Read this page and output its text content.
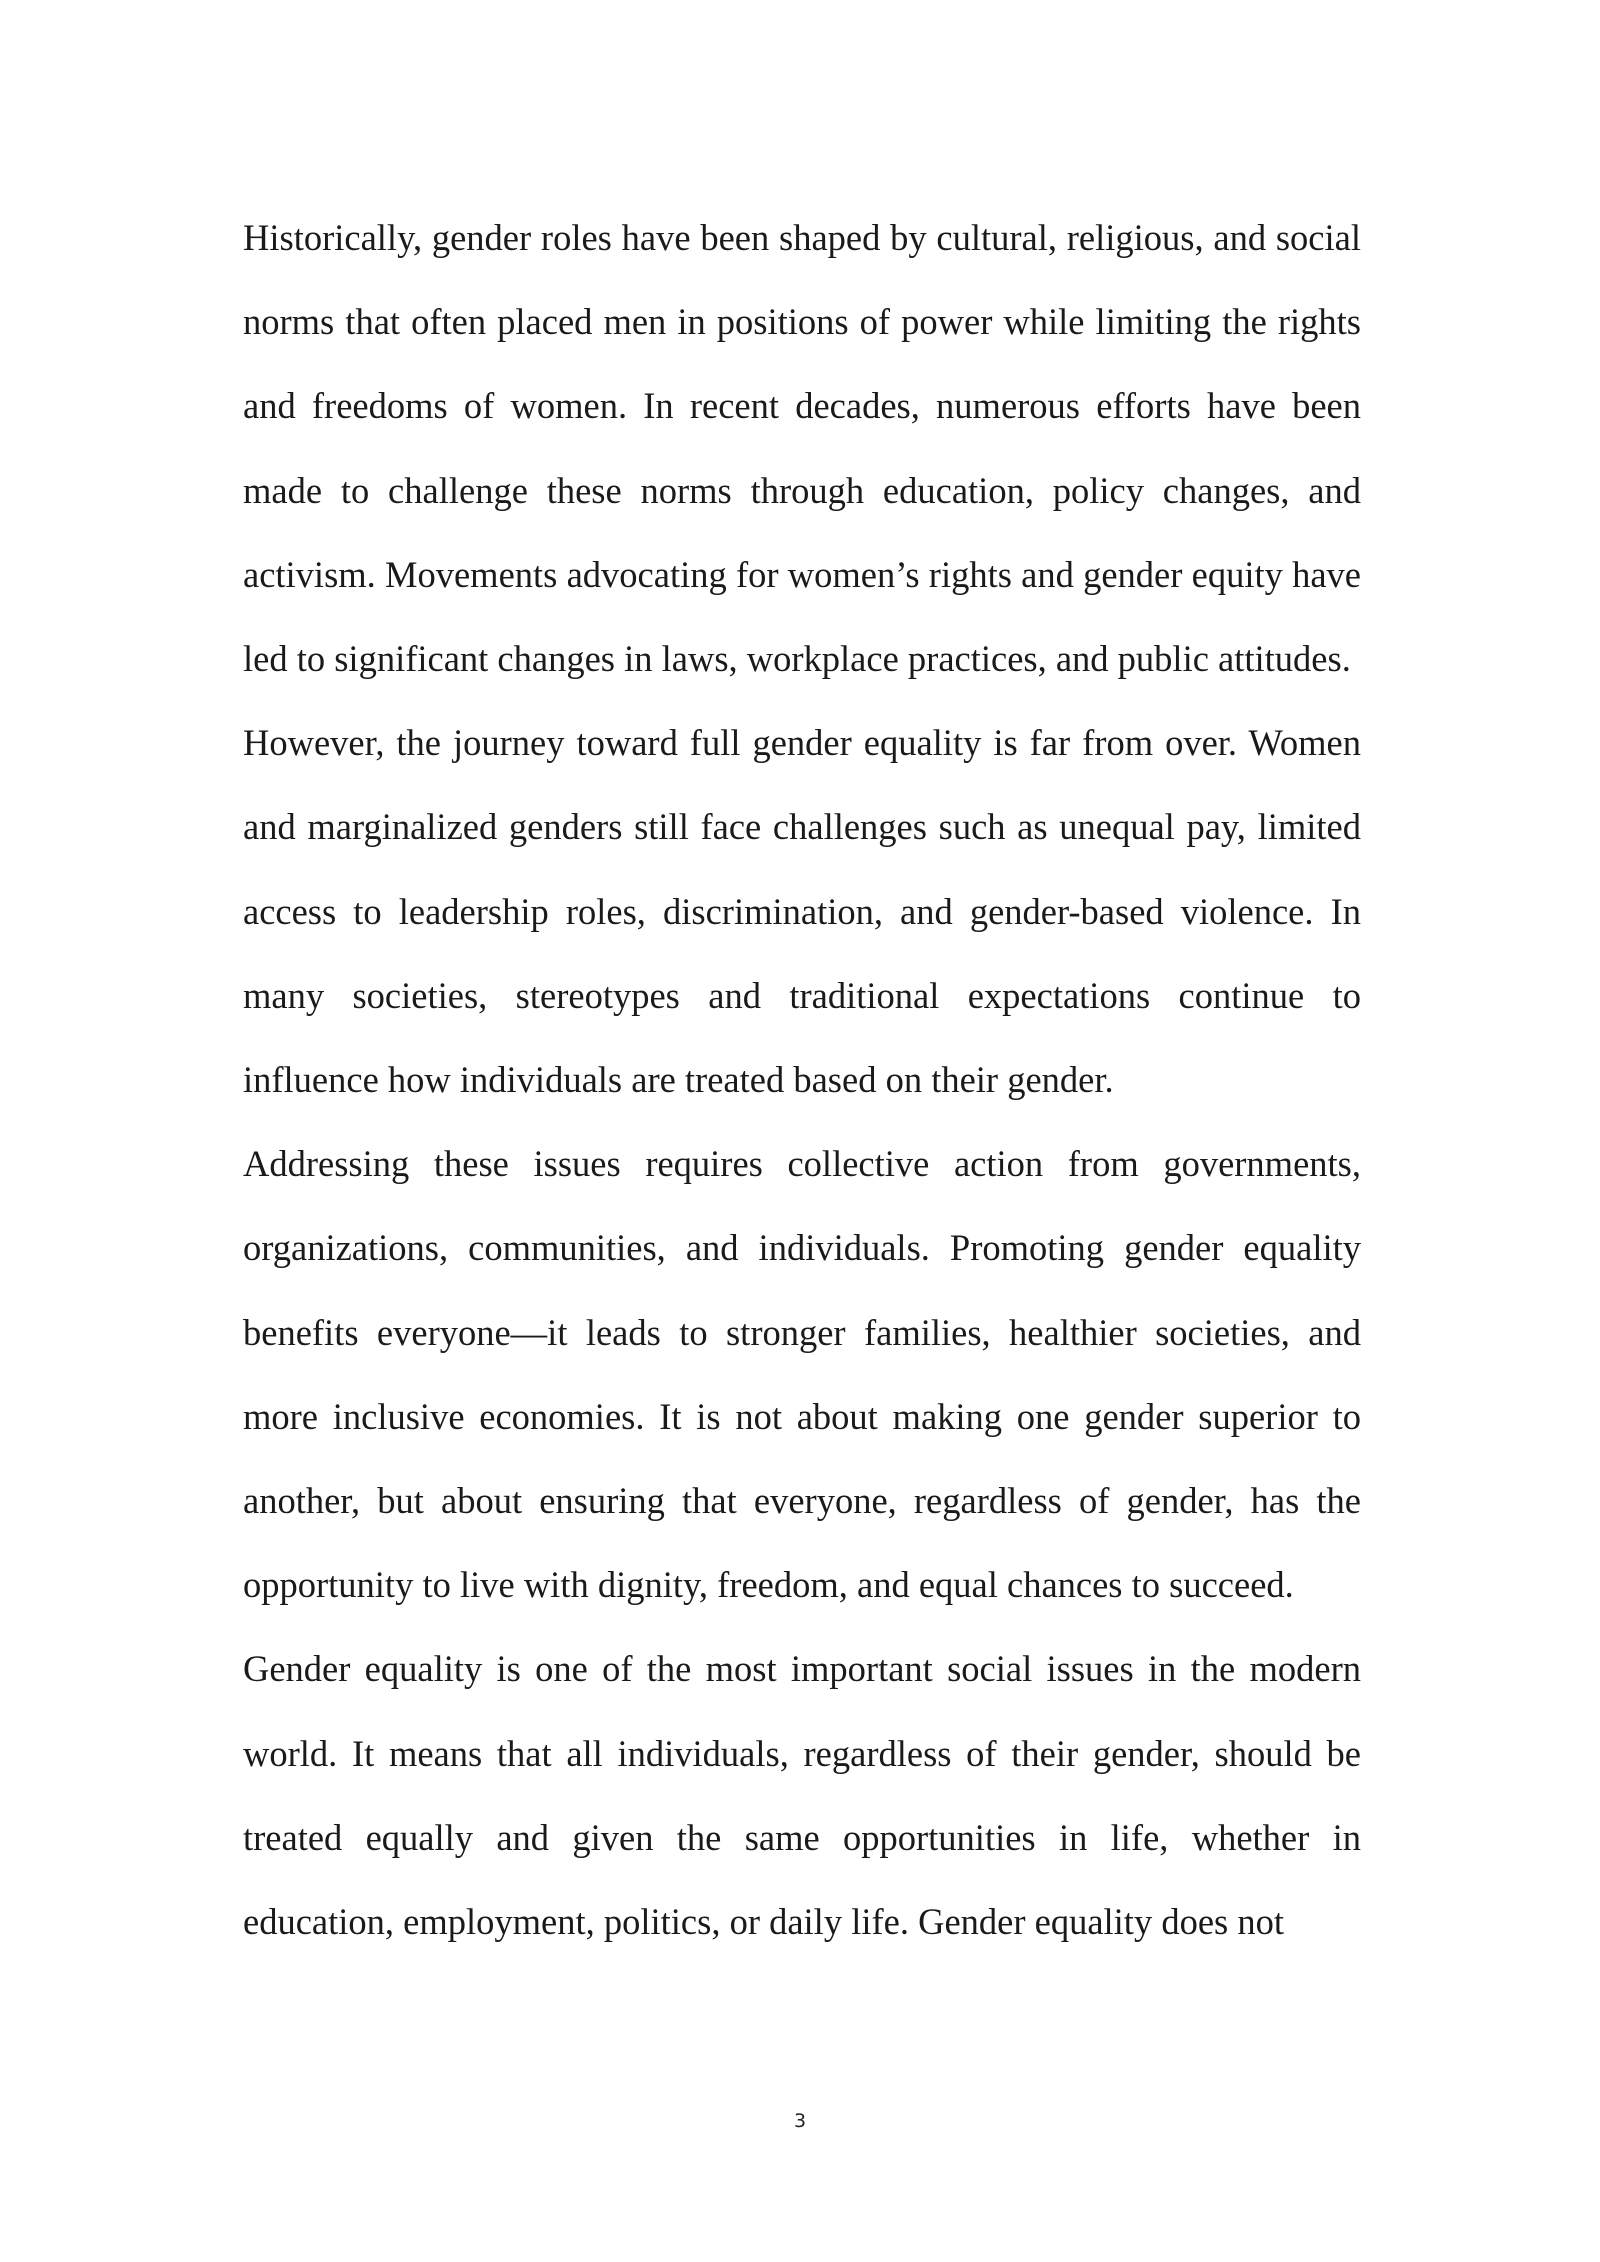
Historically, gender roles have been shaped by cultural, religious, and social norms that often placed men in positions of power while limiting the rights and freedoms of women. In recent decades, numerous efforts have been made to challenge these norms through education, policy changes, and activism. Movements advocating for women’s rights and gender equity have led to significant changes in laws, workplace practices, and public attitudes.

However, the journey toward full gender equality is far from over. Women and marginalized genders still face challenges such as unequal pay, limited access to leadership roles, discrimination, and gender-based violence. In many societies, stereotypes and traditional expectations continue to influence how individuals are treated based on their gender.

Addressing these issues requires collective action from governments, organizations, communities, and individuals. Promoting gender equality benefits everyone—it leads to stronger families, healthier societies, and more inclusive economies. It is not about making one gender superior to another, but about ensuring that everyone, regardless of gender, has the opportunity to live with dignity, freedom, and equal chances to succeed.

Gender equality is one of the most important social issues in the modern world. It means that all individuals, regardless of their gender, should be treated equally and given the same opportunities in life, whether in education, employment, politics, or daily life. Gender equality does not

3
